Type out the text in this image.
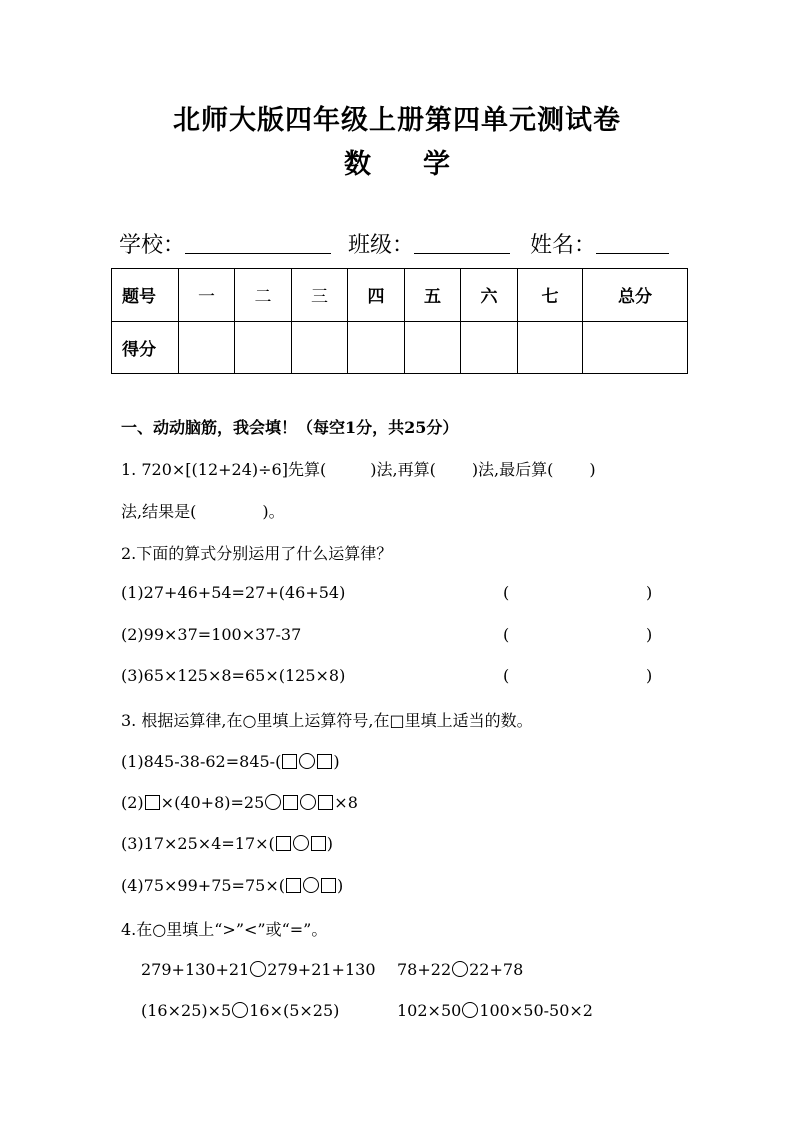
北师大版四年级上册第四单元测试卷
数 学
学校：	班级：	姓名：
题号	一	二	三	四	五	六	七	总分
得分								
一、动动脑筋，我会填！（每空1分，共25分）
1. 720×[(12+24)÷6]先算(	)法,再算( )法,最后算( )
法,结果是(	)。
2.下面的算式分别运用了什么运算律？
(1)27+46+54=27+(46+54)	(	)
(2)99×37=100×37-37	(	)
(3)65×125×8=65×(125×8)	(	)
3. 根据运算律,在○里填上运算符号,在□里填上适当的数。
(1)845-38-62=845-(	)
(2) ×(40+8)=25	×8
(3)17×25×4=17×(	)
(4)75×99+75=75×(	)
4.在○里填上“>”<”或“=”。
279+130+21 279+21+130 78+22 22+78
(16×25)×5 16×(5×25)	102×50 100×50-50×2
